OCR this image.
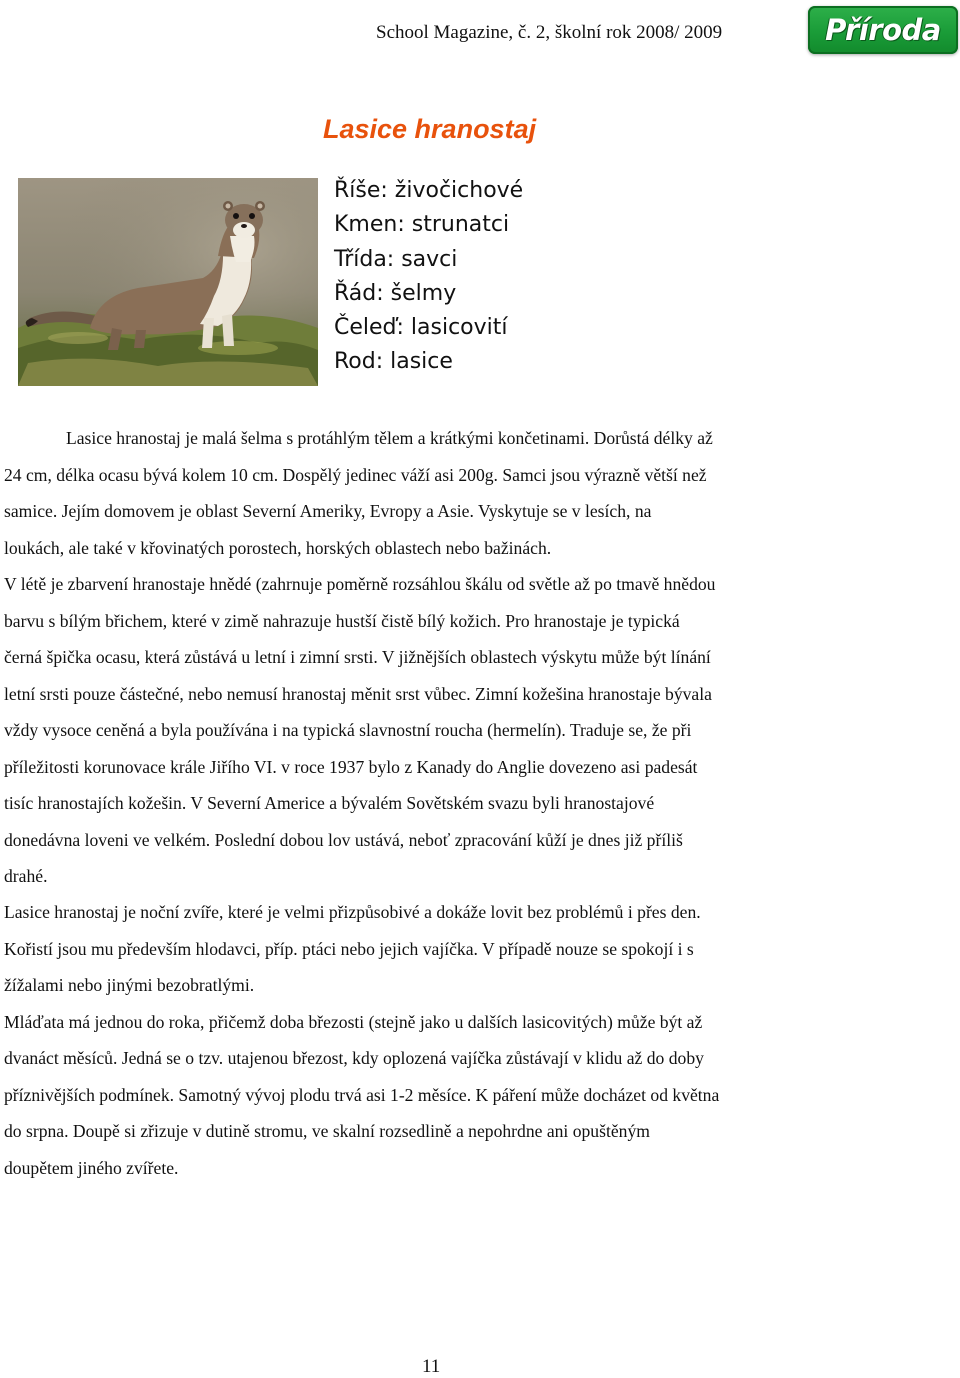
School Magazine, č. 2, školní rok 2008/ 2009	Příroda
Lasice hranostaj
Říše: živočichové
Kmen: strunatci
Třída: savci
Řád: šelmy
Čeleď: lasicovití
Rod: lasice
Lasice hranostaj je malá šelma s protáhlým tělem a krátkými končetinami. Dorůstá délky až
24 cm, délka ocasu bývá kolem 10 cm. Dospělý jedinec váží asi 200g. Samci jsou výrazně větší než
samice. Jejím domovem je oblast Severní Ameriky, Evropy a Asie. Vyskytuje se v lesích, na
loukách, ale také v křovinatých porostech, horských oblastech nebo bažinách.
V létě je zbarvení hranostaje hnědé (zahrnuje poměrně rozsáhlou škálu od světle až po tmavě hnědou
barvu s bílým břichem, které v zimě nahrazuje hustší čistě bílý kožich. Pro hranostaje je typická
černá špička ocasu, která zůstává u letní i zimní srsti. V jižnějších oblastech výskytu může být línání
letní srsti pouze částečné, nebo nemusí hranostaj měnit srst vůbec. Zimní kožešina hranostaje bývala
vždy vysoce ceněná a byla používána i na typická slavnostní roucha (hermelín). Traduje se, že při
příležitosti korunovace krále Jiřího VI. v roce 1937 bylo z Kanady do Anglie dovezeno asi padesát
tisíc hranostajích kožešin. V Severní Americe a bývalém Sovětském svazu byli hranostajové
donedávna loveni ve velkém. Poslední dobou lov ustává, neboť zpracování kůží je dnes již příliš
drahé.
Lasice hranostaj je noční zvíře, které je velmi přizpůsobivé a dokáže lovit bez problémů i přes den.
Kořistí jsou mu především hlodavci, příp. ptáci nebo jejich vajíčka. V případě nouze se spokojí i s
žížalami nebo jinými bezobratlými.
Mláďata má jednou do roka, přičemž doba březosti (stejně jako u dalších lasicovitých) může být až
dvanáct měsíců. Jedná se o tzv. utajenou březost, kdy oplozená vajíčka zůstávají v klidu až do doby
příznivějších podmínek. Samotný vývoj plodu trvá asi 1-2 měsíce. K páření může docházet od května
do srpna. Doupě si zřizuje v dutině stromu, ve skalní rozsedlině a nepohrdne ani opuštěným
doupětem jiného zvířete.
11
